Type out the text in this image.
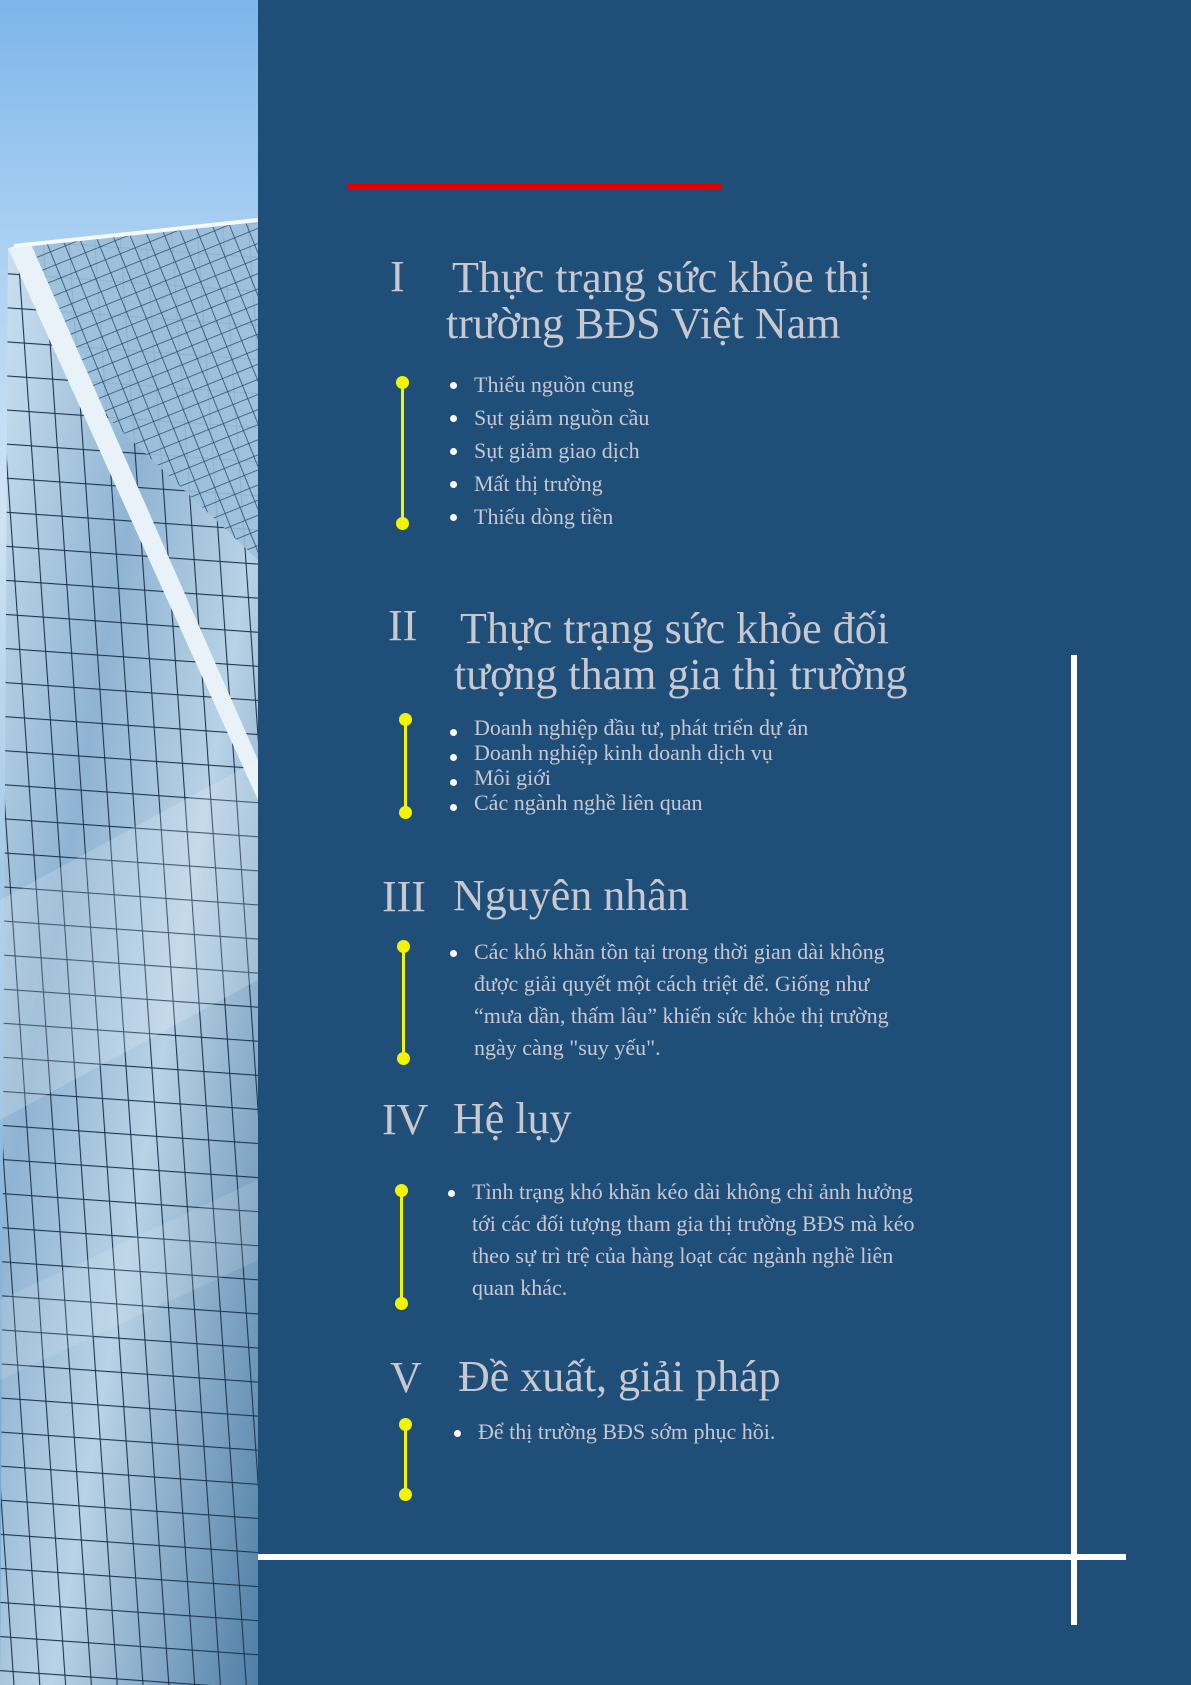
I Thực trạng sức khỏe thị
trường BĐS Việt Nam
Thiếu nguồn cung
Sụt giảm nguồn cầu
Sụt giảm giao dịch
Mất thị trường
Thiếu dòng tiền
II Thực trạng sức khỏe đối
tượng tham gia thị trường
Doanh nghiệp đầu tư, phát triển dự án
Doanh nghiệp kinh doanh dịch vụ
Môi giới
Các ngành nghề liên quan
III Nguyên nhân
Các khó khăn tồn tại trong thời gian dài không được giải quyết một cách triệt để. Giống như “mưa dần, thấm lâu” khiến sức khỏe thị trường ngày càng "suy yếu".
IV Hệ lụy
Tình trạng khó khăn kéo dài không chỉ ảnh hưởng tới các đối tượng tham gia thị trường BĐS mà kéo theo sự trì trệ của hàng loạt các ngành nghề liên quan khác.
V Đề xuất, giải pháp
Để thị trường BĐS sớm phục hồi.
